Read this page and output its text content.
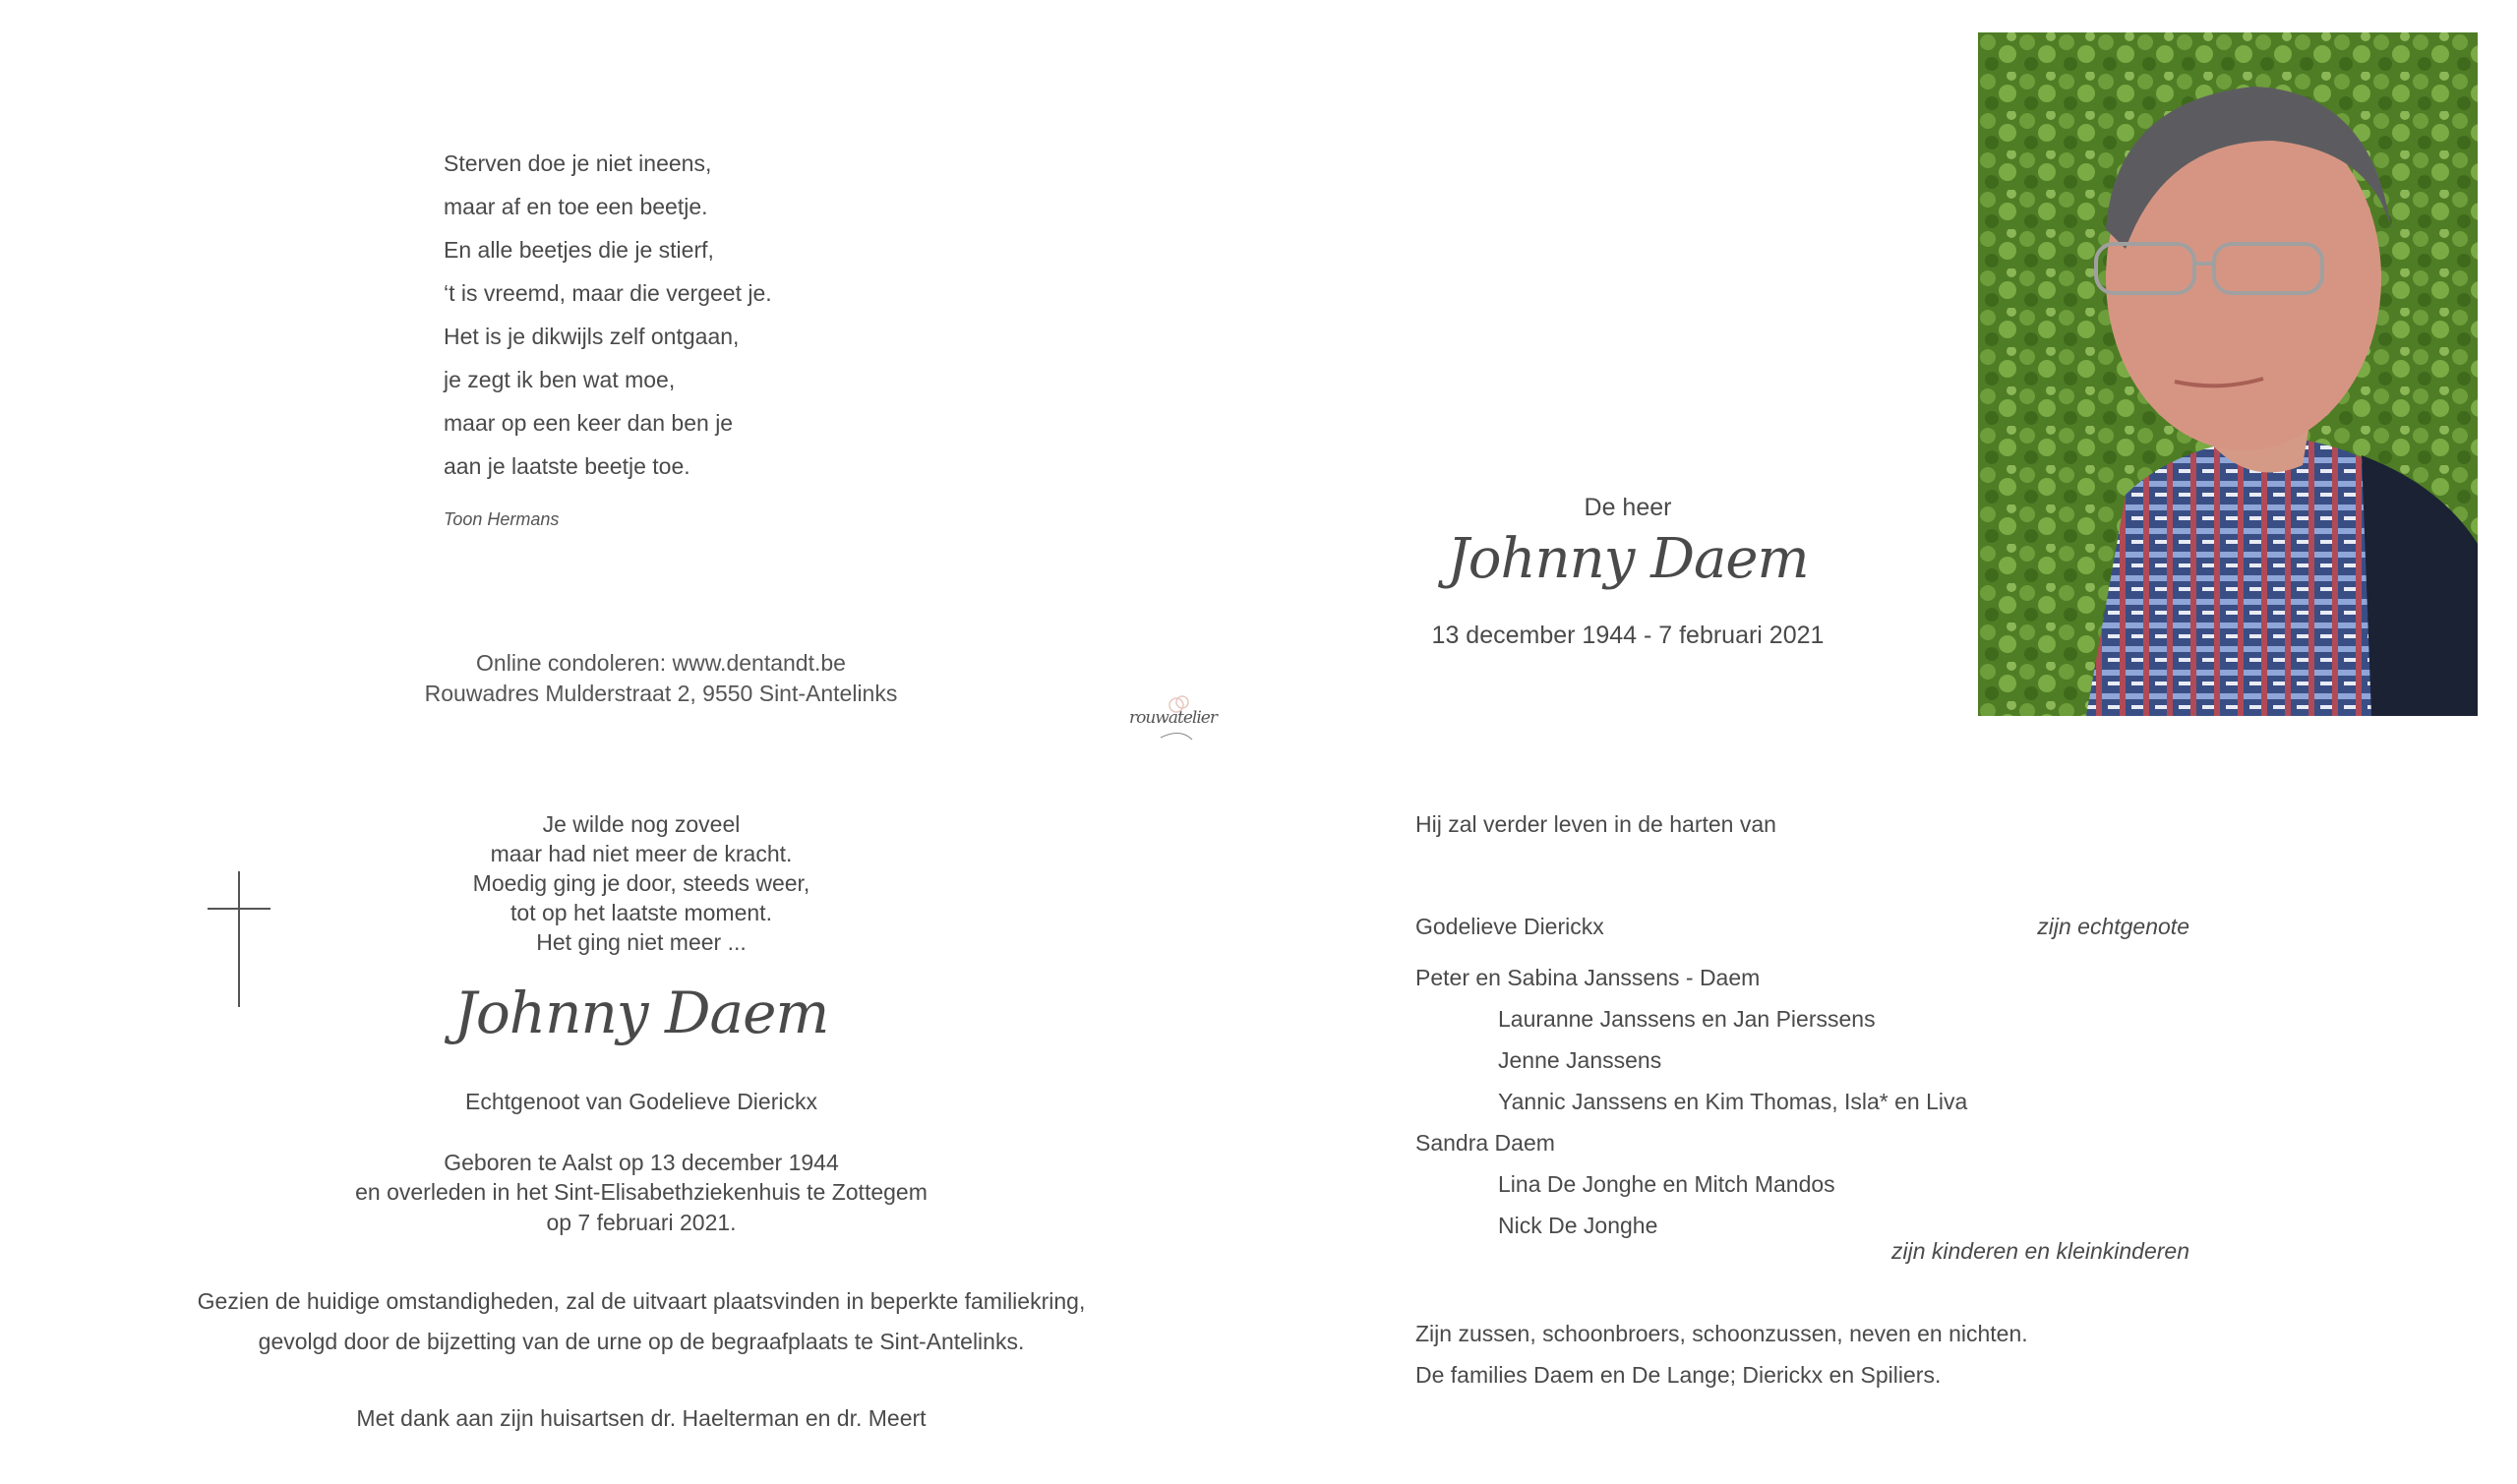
Sterven doe je niet ineens,
maar af en toe een beetje.
En alle beetjes die je stierf,
‘t is vreemd, maar die vergeet je.
Het is je dikwijls zelf ontgaan,
je zegt ik ben wat moe,
maar op een keer dan ben je
aan je laatste beetje toe.
Toon Hermans
Online condoleren: www.dentandt.be
Rouwadres Mulderstraat 2, 9550 Sint-Antelinks
rouwatelier
De heer
Johnny Daem
13 december 1944 - 7 februari 2021
Je wilde nog zoveel
maar had niet meer de kracht.
Moedig ging je door, steeds weer,
tot op het laatste moment.
Het ging niet meer ...
Johnny Daem
Echtgenoot van Godelieve Dierickx
Geboren te Aalst op 13 december 1944
en overleden in het Sint-Elisabethziekenhuis te Zottegem
op 7 februari 2021.
Gezien de huidige omstandigheden, zal de uitvaart plaatsvinden in beperkte familiekring,
gevolgd door de bijzetting van de urne op de begraafplaats te Sint-Antelinks.
Met dank aan zijn huisartsen dr. Haelterman en dr. Meert
Hij zal verder leven in de harten van
Godelieve Dierickx	zijn echtgenote
Peter en Sabina Janssens - Daem
Lauranne Janssens en Jan Pierssens
Jenne Janssens
Yannic Janssens en Kim Thomas, Isla* en Liva
Sandra Daem
Lina De Jonghe en Mitch Mandos
Nick De Jonghe
zijn kinderen en kleinkinderen
Zijn zussen, schoonbroers, schoonzussen, neven en nichten.
De families Daem en De Lange; Dierickx en Spiliers.
